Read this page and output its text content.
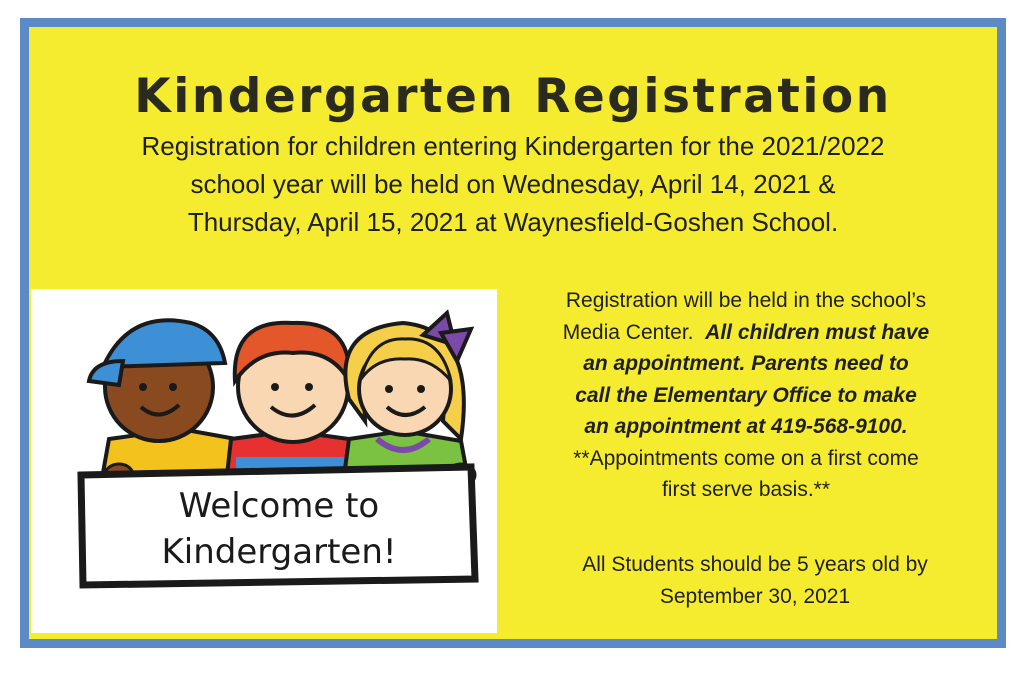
Kindergarten Registration
Registration for children entering Kindergarten for the 2021/2022
school year will be held on Wednesday, April 14, 2021 &
Thursday, April 15, 2021 at Waynesfield-Goshen School.
Welcome to
Kindergarten!
Registration will be held in the school’s
Media Center. All children must have
an appointment. Parents need to
call the Elementary Office to make
an appointment at 419-568-9100.
**Appointments come on a first come
first serve basis.**
All Students should be 5 years old by
September 30, 2021
